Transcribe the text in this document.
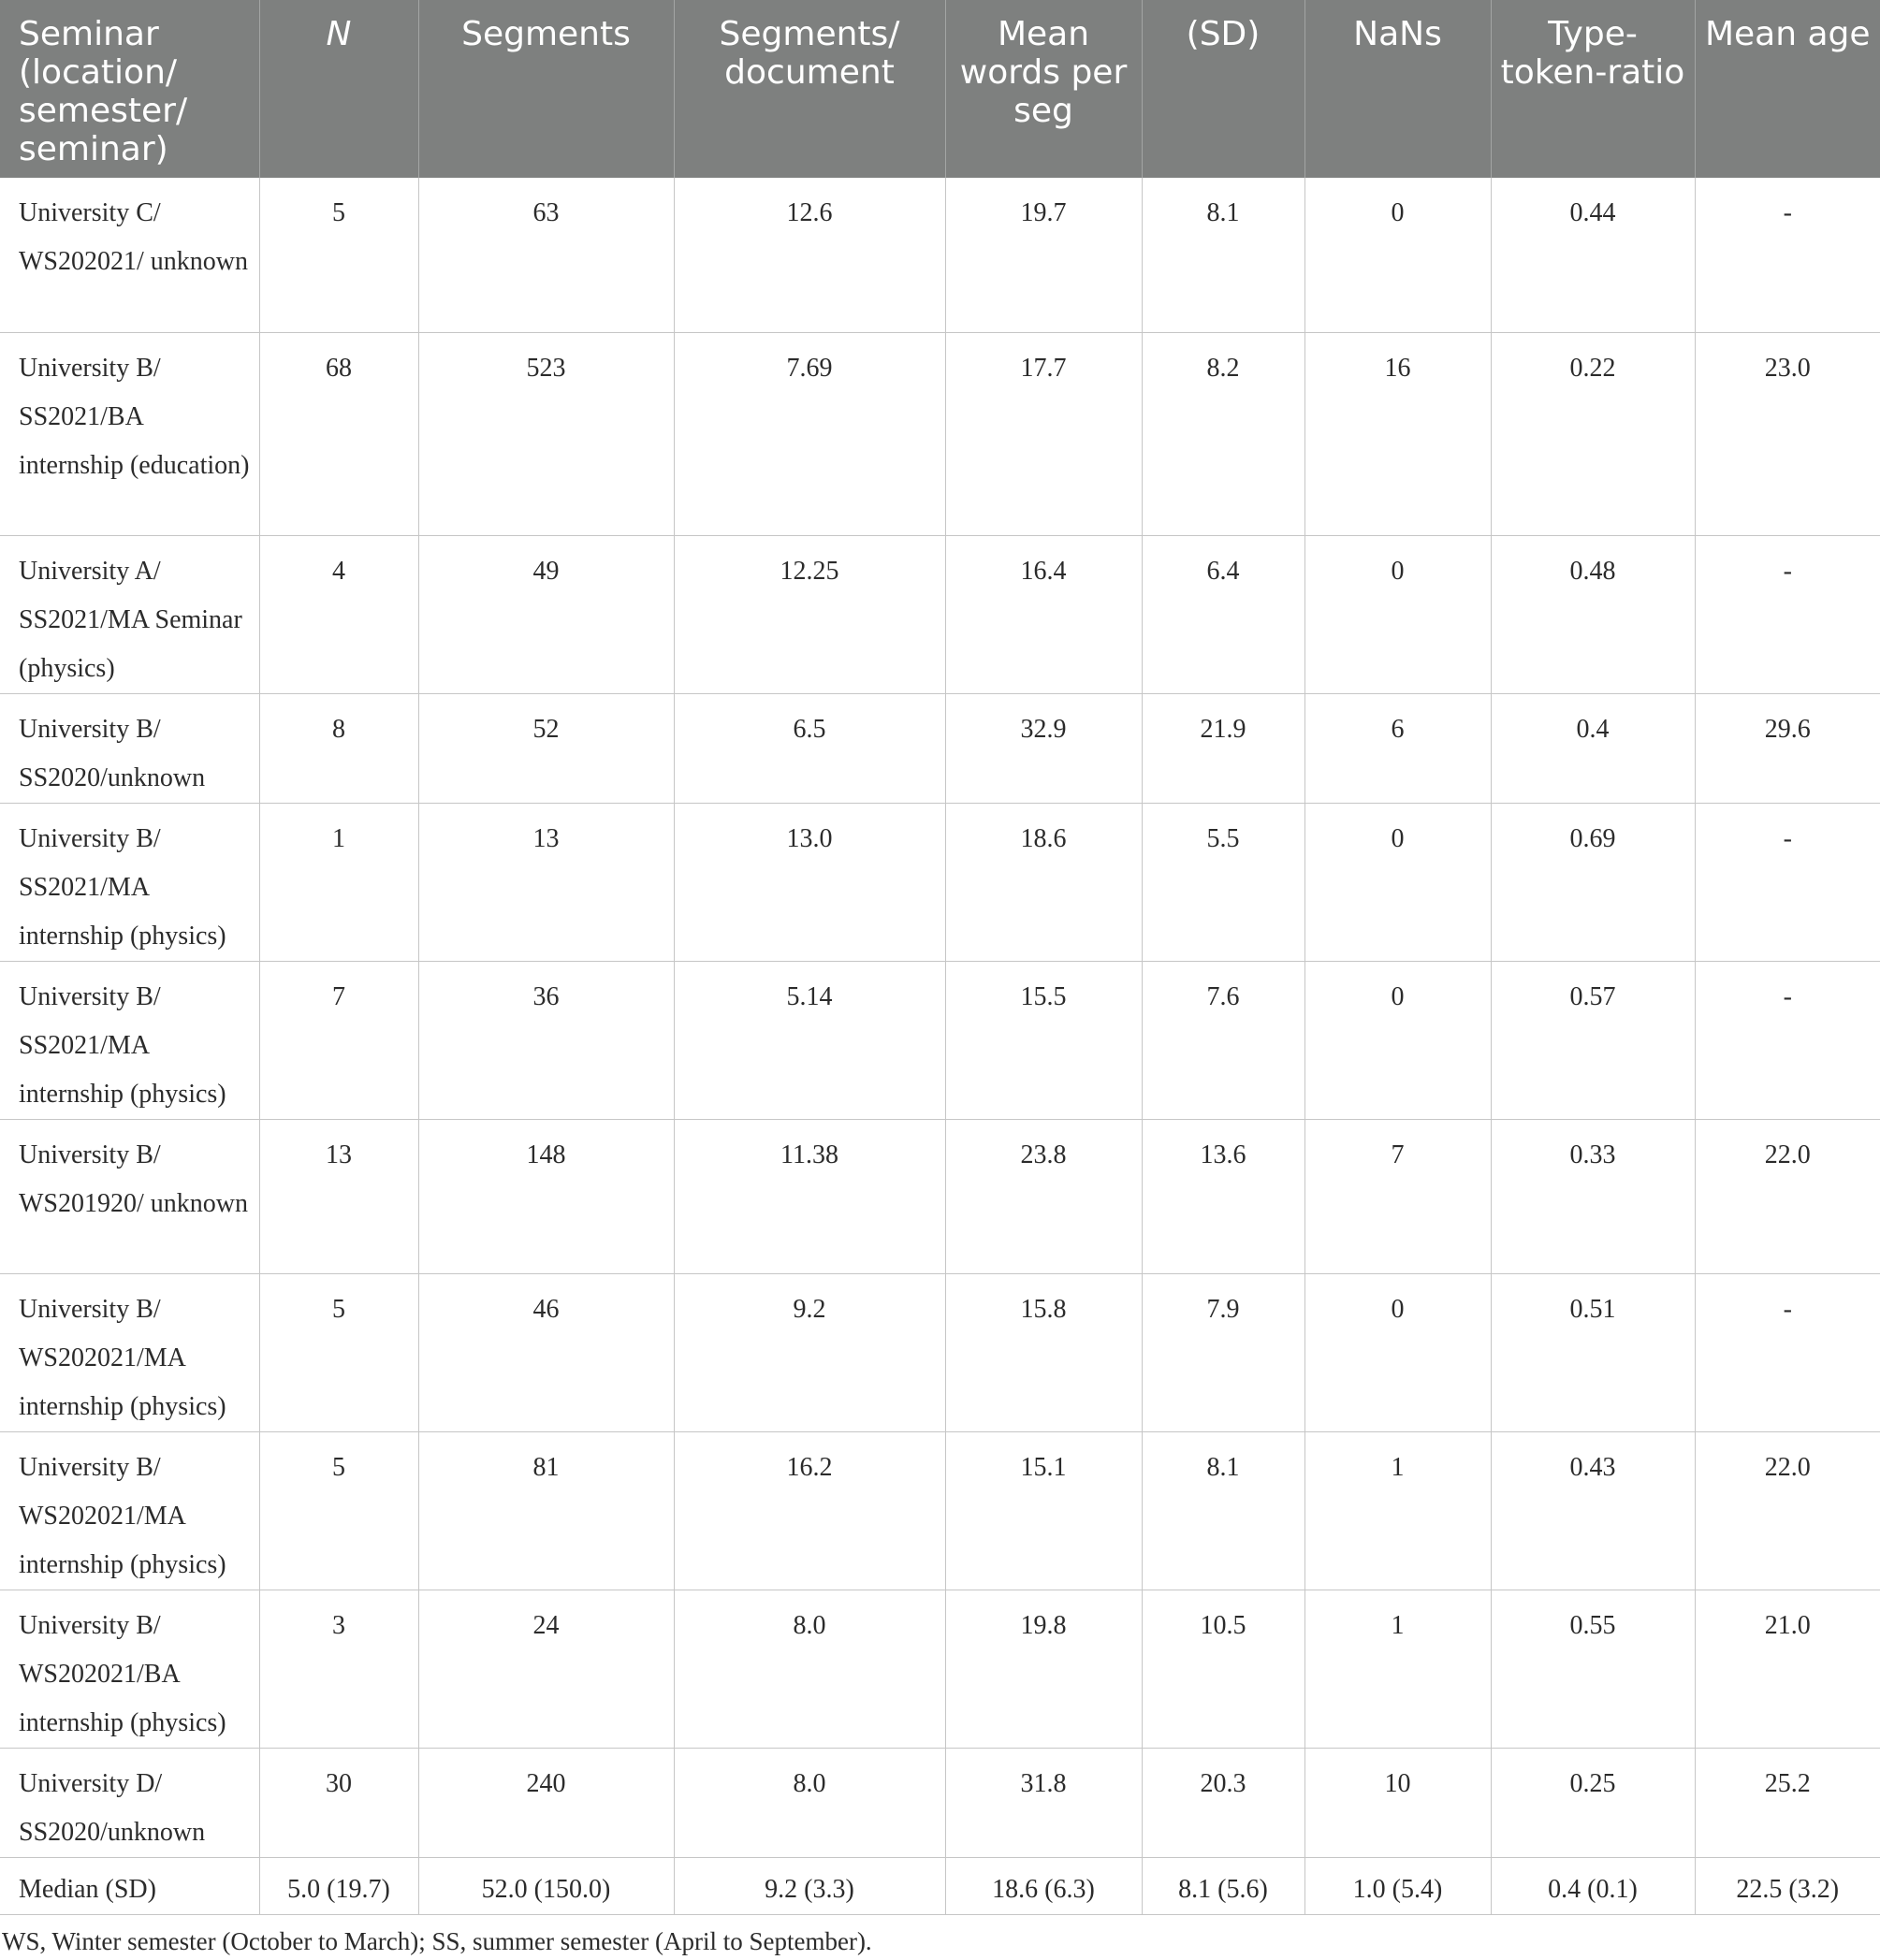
Seminar (location/ semester/ seminar)	N	Segments	Segments/ document	Mean words per seg	(SD)	NaNs	Type-token-ratio	Mean age
University C/ WS202021/ unknown	5	63	12.6	19.7	8.1	0	0.44	-
University B/ SS2021/BA internship (education)	68	523	7.69	17.7	8.2	16	0.22	23.0
University A/ SS2021/MA Seminar (physics)	4	49	12.25	16.4	6.4	0	0.48	-
University B/ SS2020/unknown	8	52	6.5	32.9	21.9	6	0.4	29.6
University B/ SS2021/MA internship (physics)	1	13	13.0	18.6	5.5	0	0.69	-
University B/ SS2021/MA internship (physics)	7	36	5.14	15.5	7.6	0	0.57	-
University B/ WS201920/ unknown	13	148	11.38	23.8	13.6	7	0.33	22.0
University B/ WS202021/MA internship (physics)	5	46	9.2	15.8	7.9	0	0.51	-
University B/ WS202021/MA internship (physics)	5	81	16.2	15.1	8.1	1	0.43	22.0
University B/ WS202021/BA internship (physics)	3	24	8.0	19.8	10.5	1	0.55	21.0
University D/ SS2020/unknown	30	240	8.0	31.8	20.3	10	0.25	25.2
Median (SD)	5.0 (19.7)	52.0 (150.0)	9.2 (3.3)	18.6 (6.3)	8.1 (5.6)	1.0 (5.4)	0.4 (0.1)	22.5 (3.2)
WS, Winter semester (October to March); SS, summer semester (April to September).
